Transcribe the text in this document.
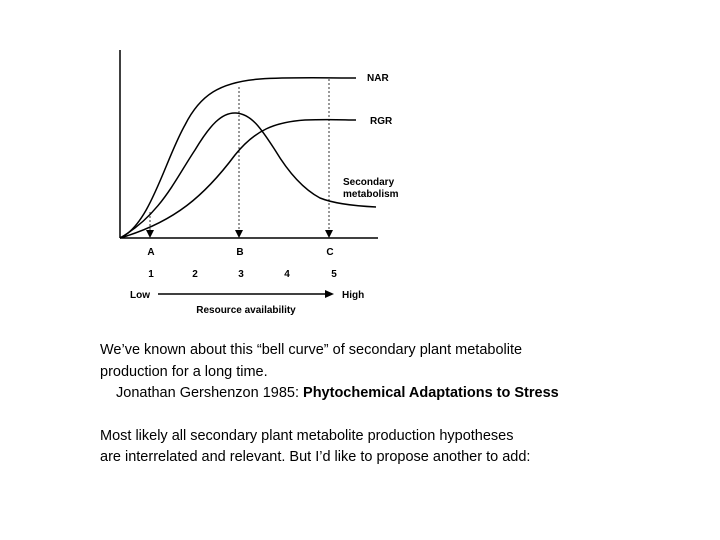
NAR
RGR
Secondary
metabolism
A	B	C
1	2	3	4	5
Low	High
Resource availability

We’ve known about this “bell curve” of secondary plant metabolite

production for a long time.

Jonathan Gershenzon 1985: Phytochemical Adaptations to Stress

Most likely all secondary plant metabolite production hypotheses

are interrelated and relevant. But I’d like to propose another to add:
